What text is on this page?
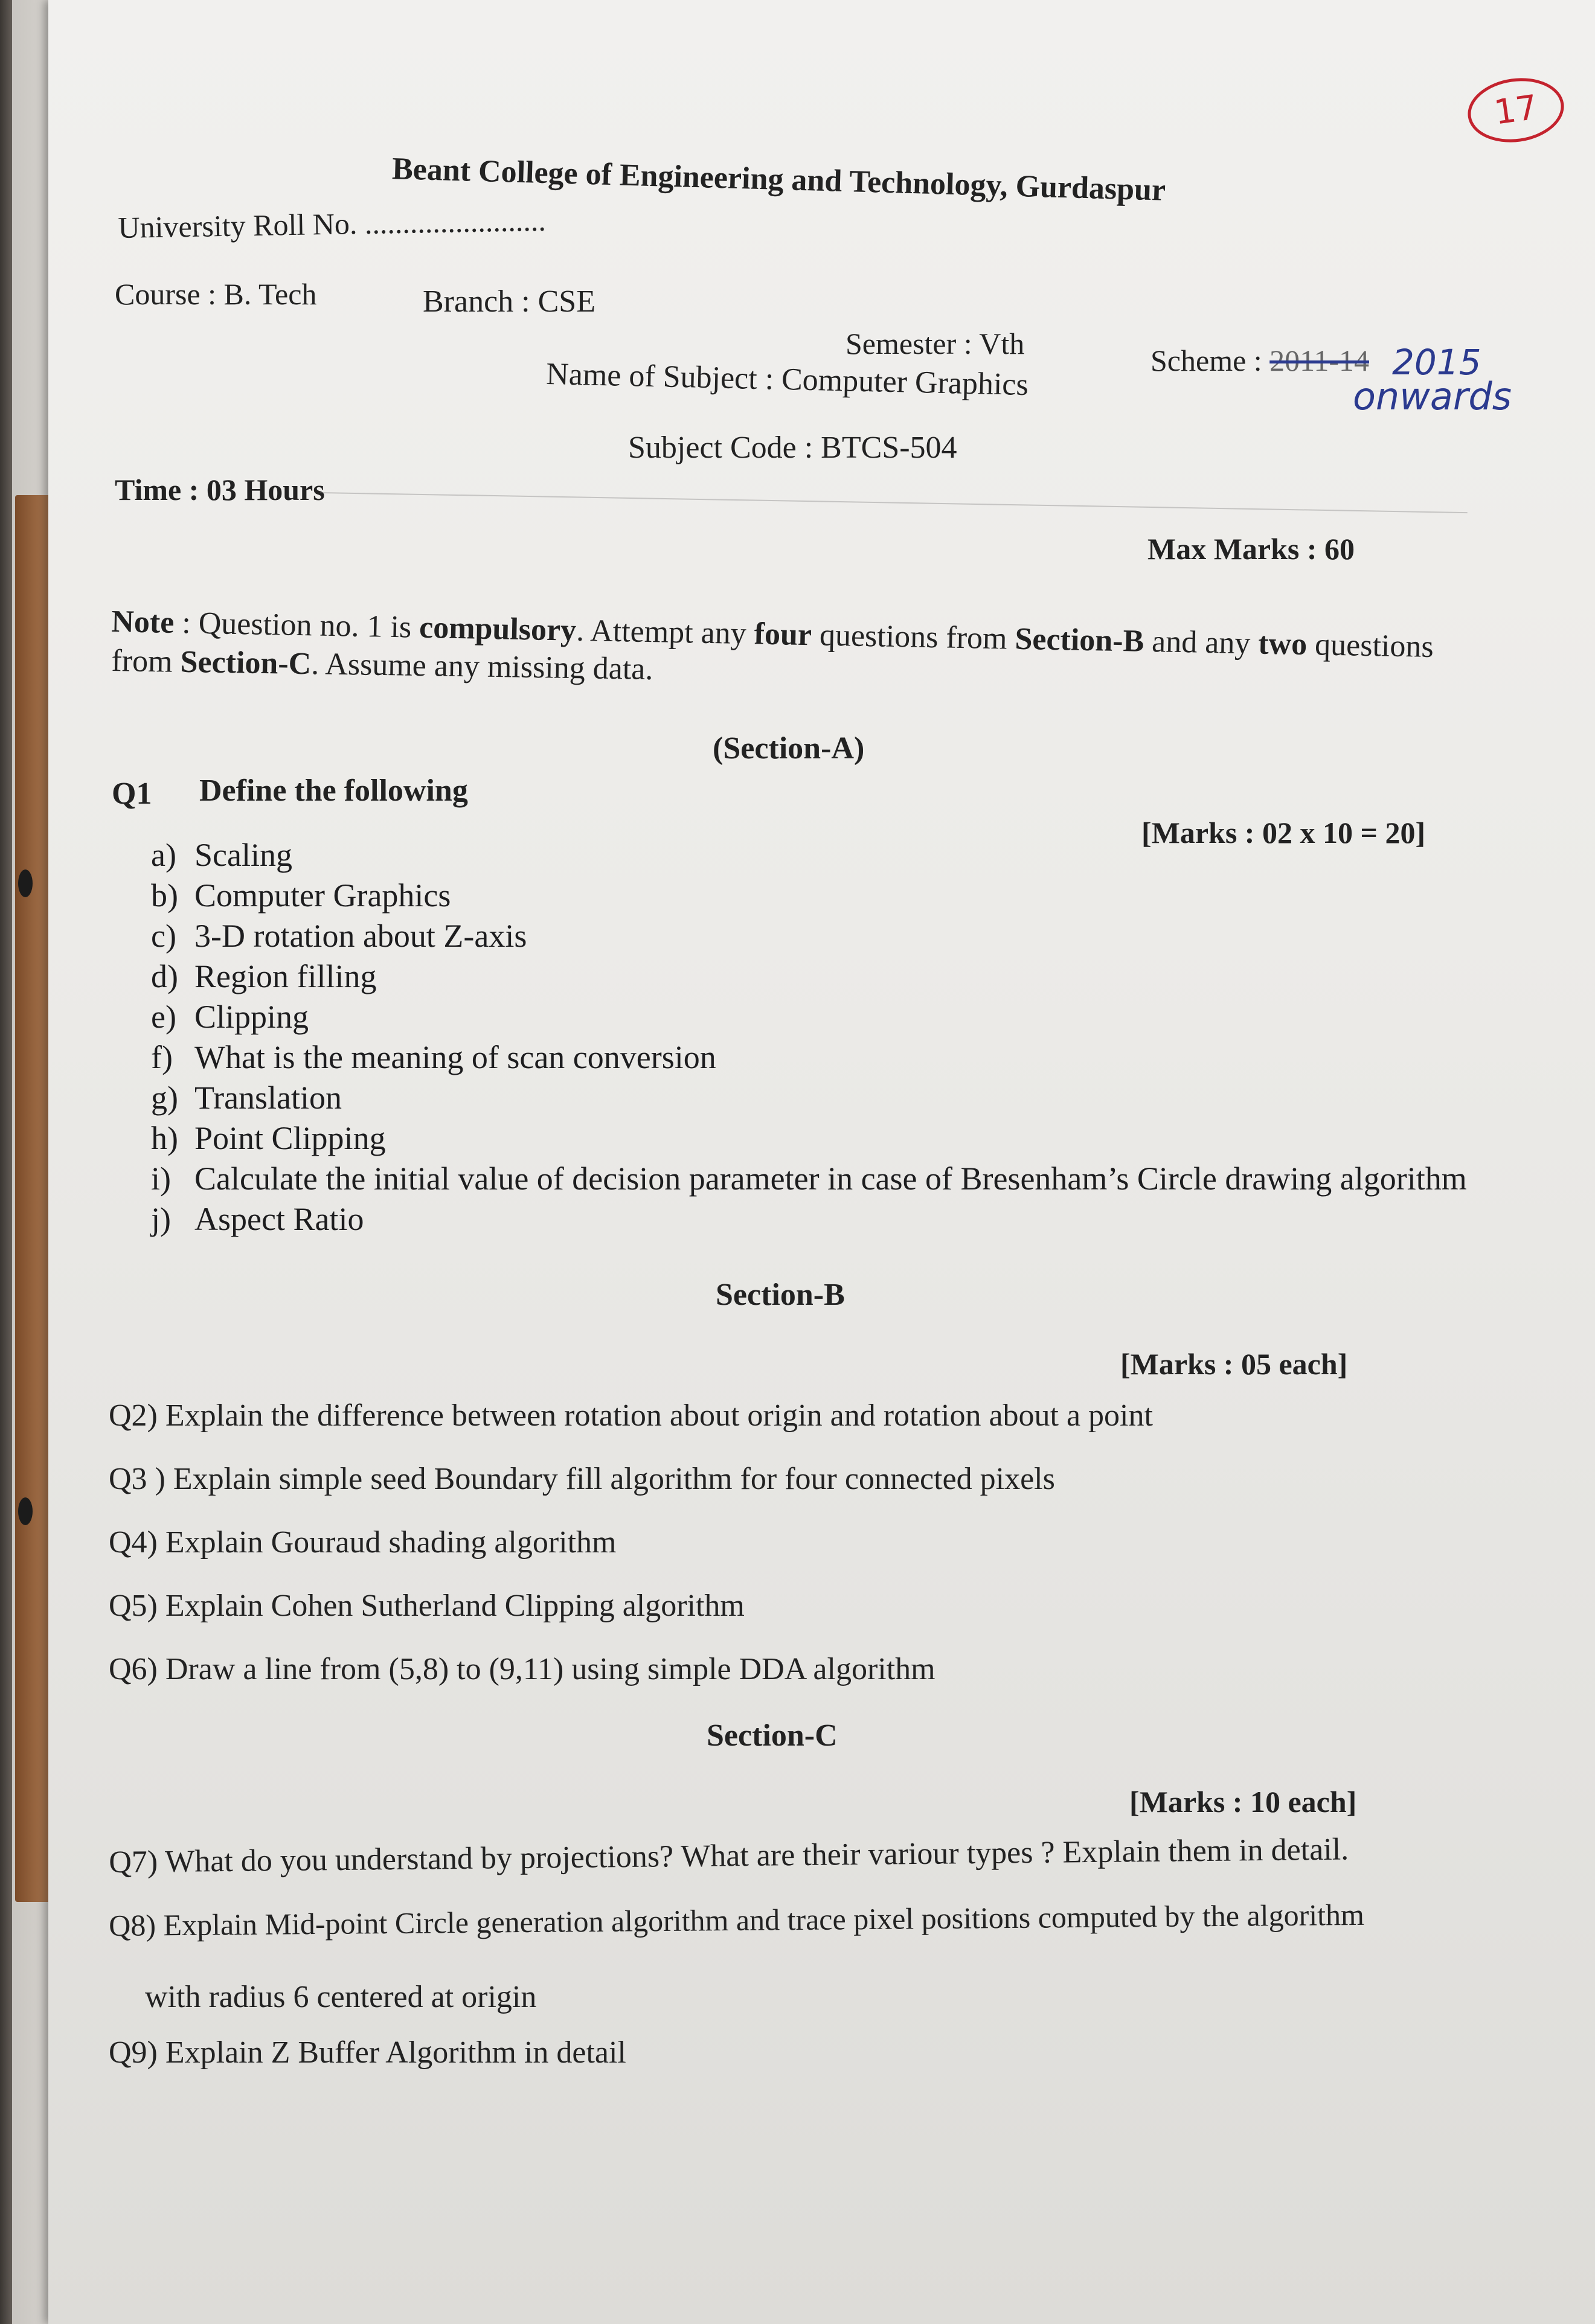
17
Beant College of Engineering and Technology, Gurdaspur
University Roll No. ........................
Course : B. Tech	Branch : CSE
Semester : Vth	Scheme : 2011-14 2015
onwards
Name of Subject : Computer Graphics
Subject Code : BTCS-504
Time : 03 Hours
Max Marks : 60
Note : Question no. 1 is compulsory. Attempt any four questions from Section-B and any two questions
from Section-C. Assume any missing data.
(Section-A)
Q1 Define the following
[Marks : 02 x 10 = 20]
a) Scaling
b) Computer Graphics
c) 3-D rotation about Z-axis
d) Region filling
e) Clipping
f) What is the meaning of scan conversion
g) Translation
h) Point Clipping
i) Calculate the initial value of decision parameter in case of Bresenham’s Circle drawing algorithm
j) Aspect Ratio
Section-B
[Marks : 05 each]
Q2) Explain the difference between rotation about origin and rotation about a point
Q3 ) Explain simple seed Boundary fill algorithm for four connected pixels
Q4) Explain Gouraud shading algorithm
Q5) Explain Cohen Sutherland Clipping algorithm
Q6) Draw a line from (5,8) to (9,11) using simple DDA algorithm
Section-C
[Marks : 10 each]
Q7) What do you understand by projections? What are their variour types ? Explain them in detail.
Q8) Explain Mid-point Circle generation algorithm and trace pixel positions computed by the algorithm
with radius 6 centered at origin
Q9) Explain Z Buffer Algorithm in detail
